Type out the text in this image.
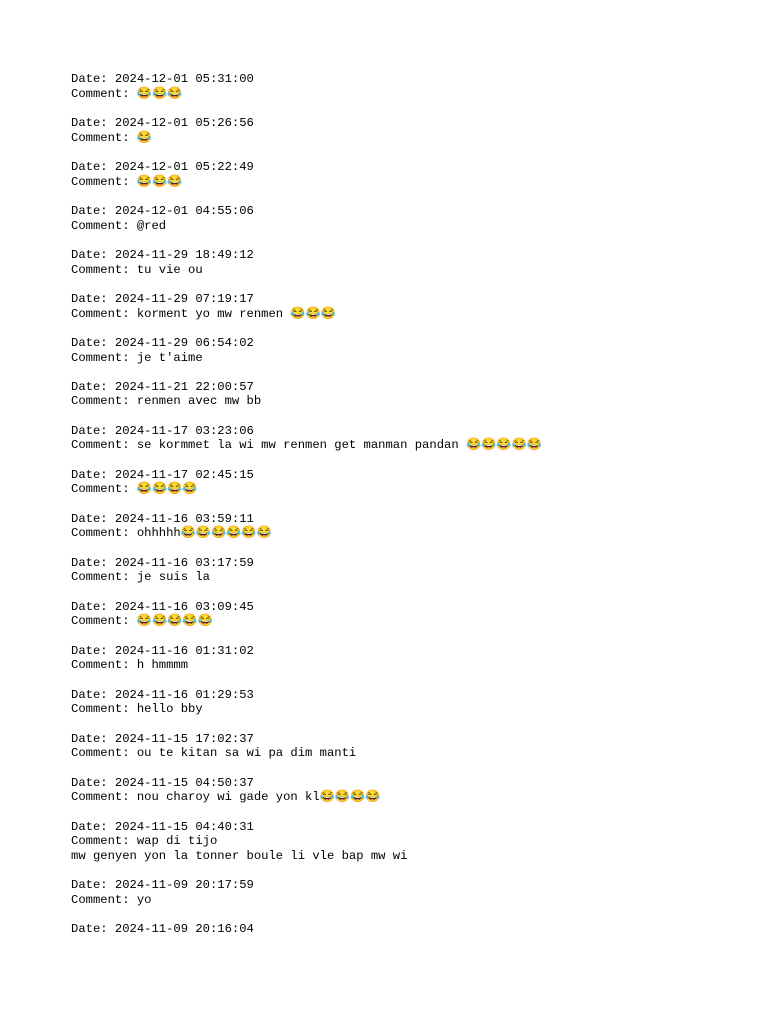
Date: 2024-12-01 05:31:00
Comment: 😂😂😂
Date: 2024-12-01 05:26:56
Comment: 😂
Date: 2024-12-01 05:22:49
Comment: 😂😂😂
Date: 2024-12-01 04:55:06
Comment: @red
Date: 2024-11-29 18:49:12
Comment: tu vie ou
Date: 2024-11-29 07:19:17
Comment: korment yo mw renmen 😂😂😂
Date: 2024-11-29 06:54:02
Comment: je t'aime
Date: 2024-11-21 22:00:57
Comment: renmen avec mw bb
Date: 2024-11-17 03:23:06
Comment: se kormmet la wi mw renmen get manman pandan 😂😂😂😂😂
Date: 2024-11-17 02:45:15
Comment: 😂😂😂😂
Date: 2024-11-16 03:59:11
Comment: ohhhhh😂😂😂😂😂😂
Date: 2024-11-16 03:17:59
Comment: je suis la
Date: 2024-11-16 03:09:45
Comment: 😂😂😂😂😂
Date: 2024-11-16 01:31:02
Comment: h hmmmm
Date: 2024-11-16 01:29:53
Comment: hello bby
Date: 2024-11-15 17:02:37
Comment: ou te kitan sa wi pa dim manti
Date: 2024-11-15 04:50:37
Comment: nou charoy wi gade yon kl😂😂😂😂
Date: 2024-11-15 04:40:31
Comment: wap di tijo
mw genyen yon la tonner boule li vle bap mw wi
Date: 2024-11-09 20:17:59
Comment: yo
Date: 2024-11-09 20:16:04
